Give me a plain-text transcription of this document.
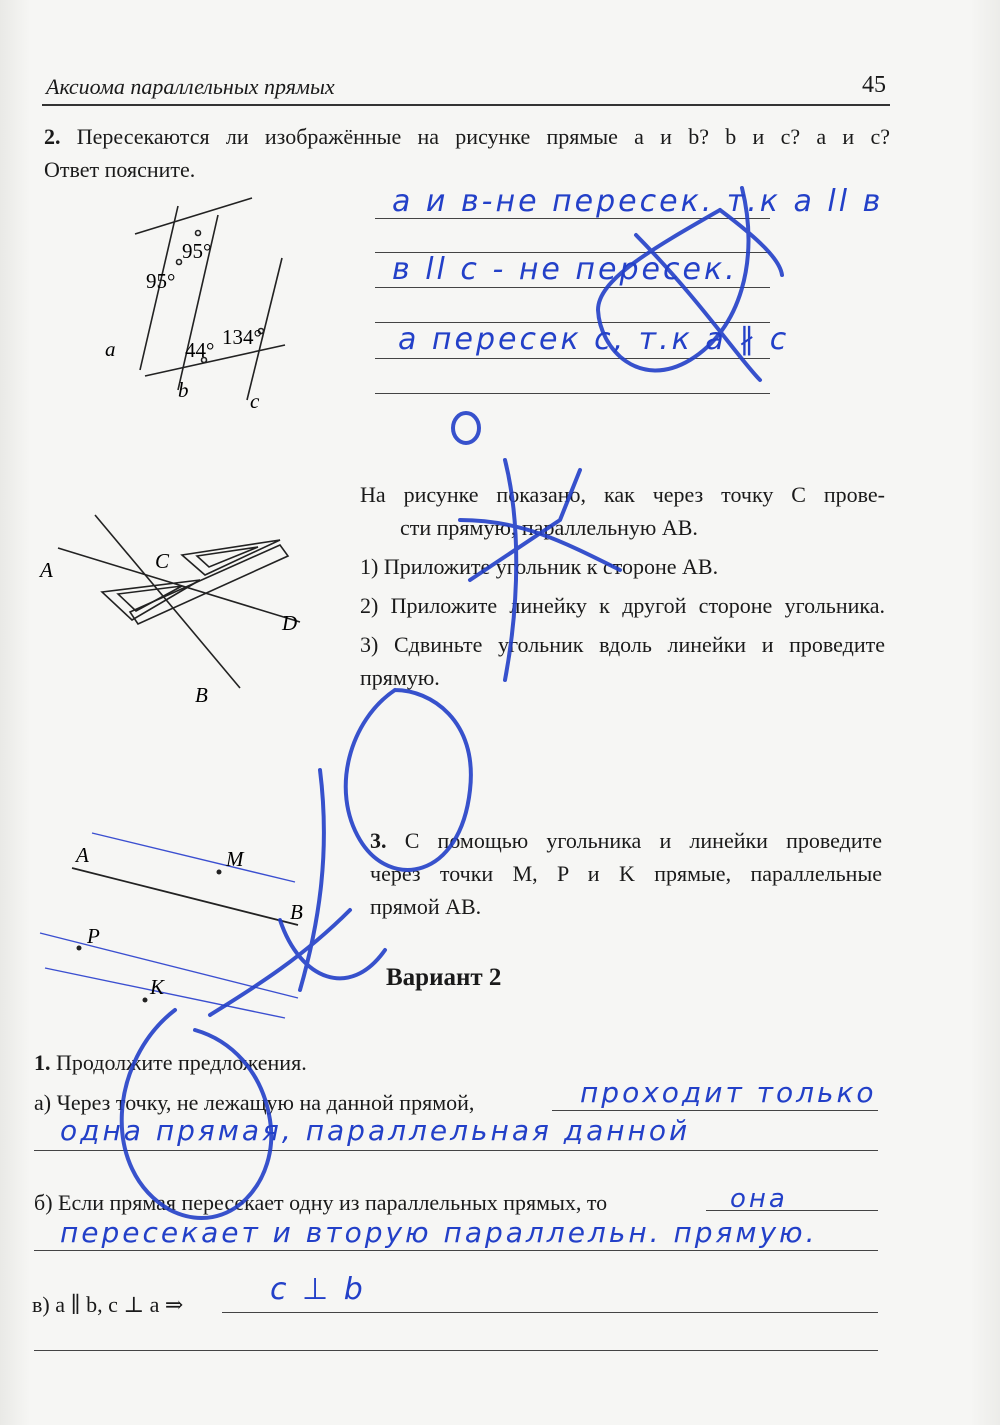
Аксиома параллельных прямых	45
2. Пересекаются ли изображённые на рисунке прямые a и b? b и c? a и c?
Ответ поясните.
95°
95°
44°
134°
a
b	c
а и в-не пересек. т.к а ll в
в ll с - не пересек.
а пересек с, т.к а ∦ с
На рисунке показано, как через точку C прове-
сти прямую, параллельную AB.
1) Приложите угольник к стороне AB.
2) Приложите линейку к другой стороне угольника.
3) Сдвиньте угольник вдоль линейки и проведите
прямую.
A	C
D
B
3. С помощью угольника и линейки проведите
через точки M, P и K прямые, параллельные
прямой AB.
A	M
B
P
K	Вариант 2
1. Продолжите предложения.
а) Через точку, не лежащую на данной прямой,	проходит только
одна прямая, параллельная данной
б) Если прямая пересекает одну из параллельных прямых, то	она
пересекает и вторую параллельн. прямую.
в) a ∥ b, c ⊥ a ⇒	c ⊥ b
